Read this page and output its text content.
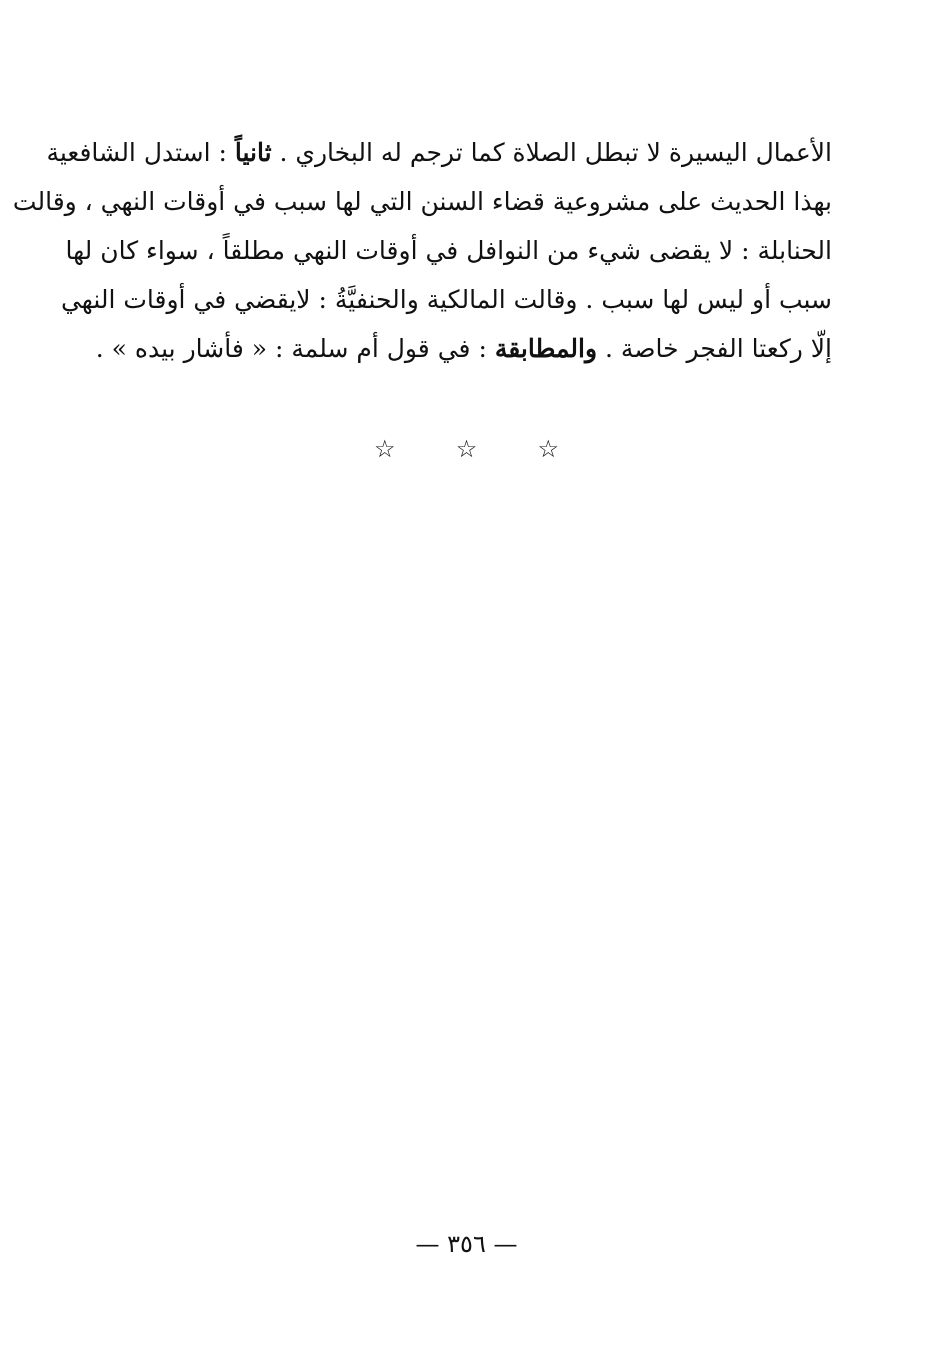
الأعمال اليسيرة لا تبطل الصلاة كما ترجم له البخاري . ثانياً : استدل الشافعية
بهذا الحديث على مشروعية قضاء السنن التي لها سبب في أوقات النهي ، وقالت
الحنابلة : لا يقضى شيء من النوافل في أوقات النهي مطلقاً ، سواء كان لها
سبب أو ليس لها سبب . وقالت المالكية والحنفيَّةُ : لايقضي في أوقات النهي
إلّا ركعتا الفجر خاصة . والمطابقة : في قول أم سلمة : « فأشار بيده » .
☆	☆	☆
— ٣٥٦ —
